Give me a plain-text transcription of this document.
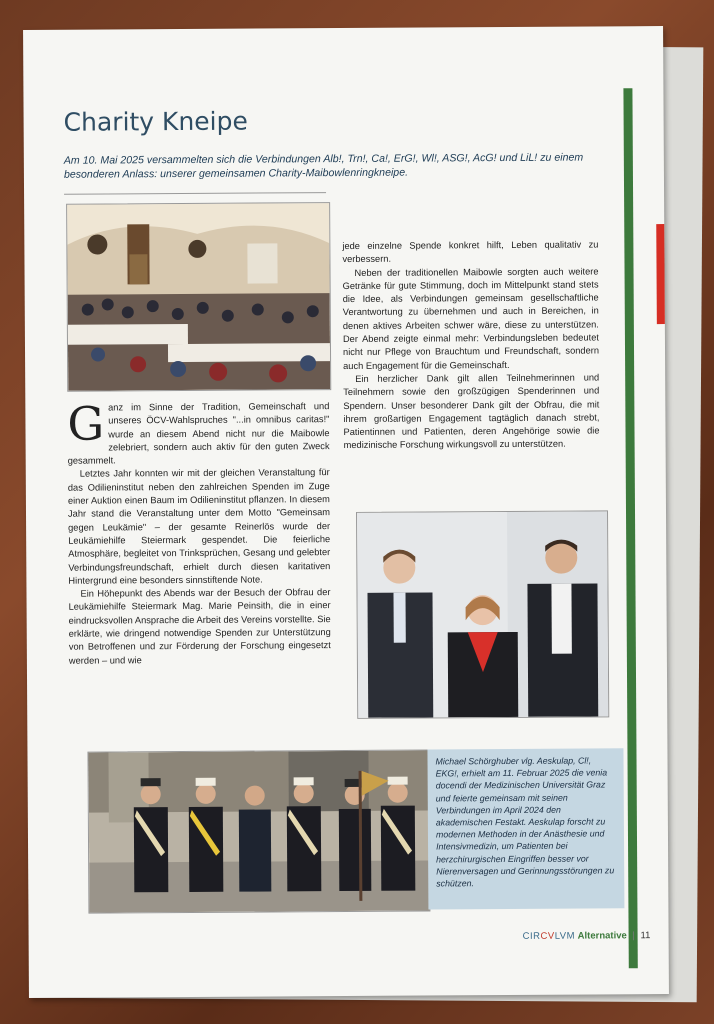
Charity Kneipe
Am 10. Mai 2025 versammelten sich die Verbindungen Alb!, Trn!, Ca!, ErG!, Wl!, ASG!, AcG! und LiL! zu einem besonderen Anlass: unserer gemeinsamen Charity-Maibowlenringkneipe.

Ganz im Sinne der Tradition, Gemeinschaft und unseres ÖCV-Wahlspruches "...in omnibus caritas!" wurde an diesem Abend nicht nur die Maibowle zelebriert, sondern auch aktiv für den guten Zweck gesammelt.

Letztes Jahr konnten wir mit der gleichen Veranstaltung für das Odilieninstitut neben den zahlreichen Spenden im Zuge einer Auktion einen Baum im Odilieninstitut pflanzen. In diesem Jahr stand die Veranstaltung unter dem Motto "Gemeinsam gegen Leukämie" – der gesamte Reinerlös wurde der Leukämiehilfe Steiermark gespendet. Die feierliche Atmosphäre, begleitet von Trinksprüchen, Gesang und gelebter Verbindungsfreundschaft, erhielt durch diesen karitativen Hintergrund eine besonders sinnstiftende Note.

Ein Höhepunkt des Abends war der Besuch der Obfrau der Leukämiehilfe Steiermark Mag. Marie Peinsith, die in einer eindrucksvollen Ansprache die Arbeit des Vereins vorstellte. Sie erklärte, wie dringend notwendige Spenden zur Unterstützung von Betroffenen und zur Förderung der Forschung eingesetzt werden – und wie

jede einzelne Spende konkret hilft, Leben qualitativ zu verbessern.

Neben der traditionellen Maibowle sorgten auch weitere Getränke für gute Stimmung, doch im Mittelpunkt stand stets die Idee, als Verbindungen gemeinsam gesellschaftliche Verantwortung zu übernehmen und auch in Bereichen, in denen aktives Arbeiten schwer wäre, diese zu unterstützen. Der Abend zeigte einmal mehr: Verbindungsleben bedeutet nicht nur Pflege von Brauchtum und Freundschaft, sondern auch Engagement für die Gemeinschaft.

Ein herzlicher Dank gilt allen Teilnehmerinnen und Teilnehmern sowie den großzügigen Spenderinnen und Spendern. Unser besonderer Dank gilt der Obfrau, die mit ihrem großartigen Engagement tagtäglich danach strebt, Patientinnen und Patienten, deren Angehörige sowie die medizinische Forschung wirkungsvoll zu unterstützen.

Michael Schörghuber vlg. Aeskulap, Cl!, EKG!, erhielt am 11. Februar 2025 die venia docendi der Medizinischen Universität Graz und feierte gemeinsam mit seinen Verbindungen im April 2024 den akademischen Festakt. Aeskulap forscht zu modernen Methoden in der Anästhesie und Intensivmedizin, um Patienten bei herzchirurgischen Eingriffen besser vor Nierenversagen und Gerinnungsstörungen zu schützen.
CIRCVLVM Alternative | 11
